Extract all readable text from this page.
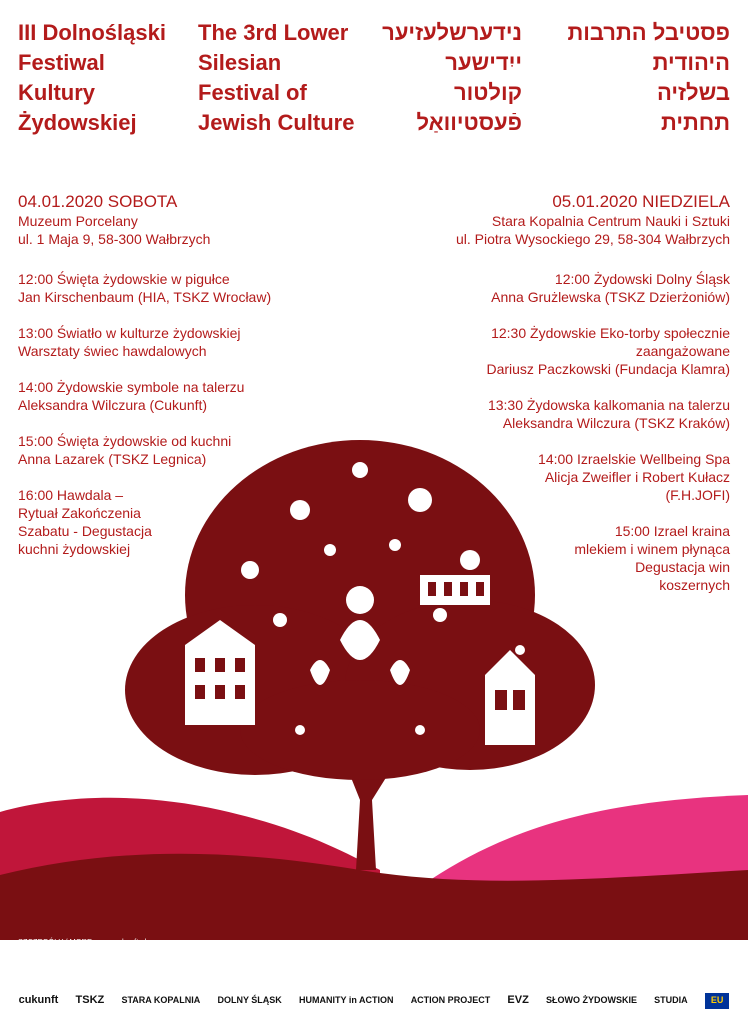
III Dolnośląski
Festiwal
Kultury
Żydowskiej
The 3rd Lower
Silesian
Festival of
Jewish Culture
נידערשלעזיער
ייִדישער
קולטור
פֿעסטיוואַל
פסטיבל התרבות
היהודית
בשלזיה
תחתית
04.01.2020 SOBOTA
Muzeum Porcelany
ul. 1 Maja 9, 58-300 Wałbrzych
05.01.2020 NIEDZIELA
Stara Kopalnia Centrum Nauki i Sztuki
ul. Piotra Wysockiego 29, 58-304 Wałbrzych
12:00 Święta żydowskie w pigułce
Jan Kirschenbaum (HIA, TSKZ Wrocław)
13:00 Światło w kulturze żydowskiej
Warsztaty świec hawdalowych
14:00 Żydowskie symbole na talerzu
Aleksandra Wilczura (Cukunft)
15:00 Święta żydowskie od kuchni
Anna Lazarek (TSKZ Legnica)
16:00 Hawdala –
Rytuał Zakończenia
Szabatu - Degustacja
kuchni żydowskiej
12:00 Żydowski Dolny Śląsk
Anna Grużlewska (TSKZ Dzierżoniów)
12:30 Żydowskie Eko-torby społecznie
zaangażowane
Dariusz Paczkowski (Fundacja Klamra)
13:30 Żydowska kalkomania na talerzu
Aleksandra Wilczura (TSKZ Kraków)
14:00 Izraelskie Wellbeing Spa
Alicja Zweifler i Robert Kułacz
(F.H.JOFI)
15:00 Izrael kraina
mlekiem i winem płynąca
Degustacja win
koszernych
SZCZEGÓŁY / MORE: www.cukunft.pl
ARTYSTA / PAPER CUT ARTIST: Joanna Matyjasek
PROJEKTANT GRAFICZNY / GRAPHIC DESIGNER: Bethanie Martin
Aleksandra Wilczura: DYREKTOR / DIRECTOR OF THE FESTIVAL
Bethanie Martin, Dominika Burakiewicz, Ioannis Stylianidis: ZESPÓŁ PROJEKTOWY / PROJECT TEAM
cukunft TSKZ STARA KOPALNIA DOLNY ŚLĄSK HUMANITY in ACTION ACTION PROJECT EVZ SŁOWO ŻYDOWSKIE STUDIA	EU
